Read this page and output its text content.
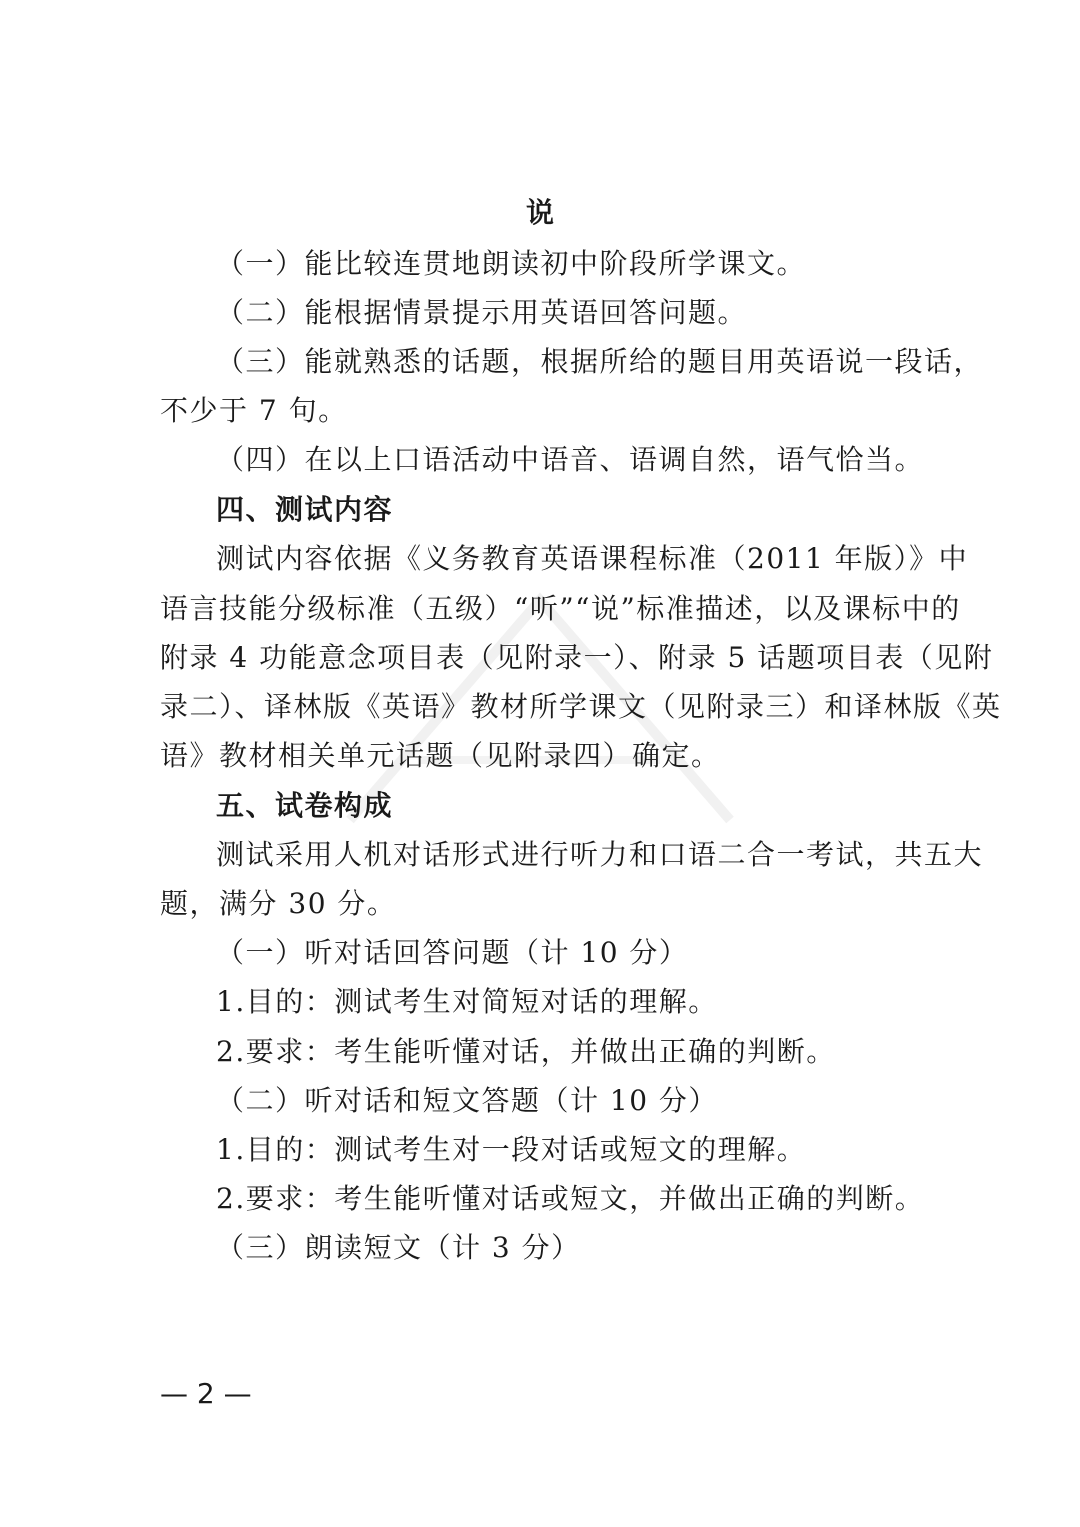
说
（一）能比较连贯地朗读初中阶段所学课文。
（二）能根据情景提示用英语回答问题。
（三）能就熟悉的话题，根据所给的题目用英语说一段话，
不少于 7 句。
（四）在以上口语活动中语音、语调自然，语气恰当。
四、测试内容
测试内容依据《义务教育英语课程标准（2011 年版）》中
语言技能分级标准（五级）“听”“说”标准描述，以及课标中的
附录 4 功能意念项目表（见附录一）、附录 5 话题项目表（见附
录二）、译林版《英语》教材所学课文（见附录三）和译林版《英
语》教材相关单元话题（见附录四）确定。
五、试卷构成
测试采用人机对话形式进行听力和口语二合一考试，共五大
题，满分 30 分。
（一）听对话回答问题（计 10 分）
1.目的：测试考生对简短对话的理解。
2.要求：考生能听懂对话，并做出正确的判断。
（二）听对话和短文答题（计 10 分）
1.目的：测试考生对一段对话或短文的理解。
2.要求：考生能听懂对话或短文，并做出正确的判断。
（三）朗读短文（计 3 分）
— 2 —
